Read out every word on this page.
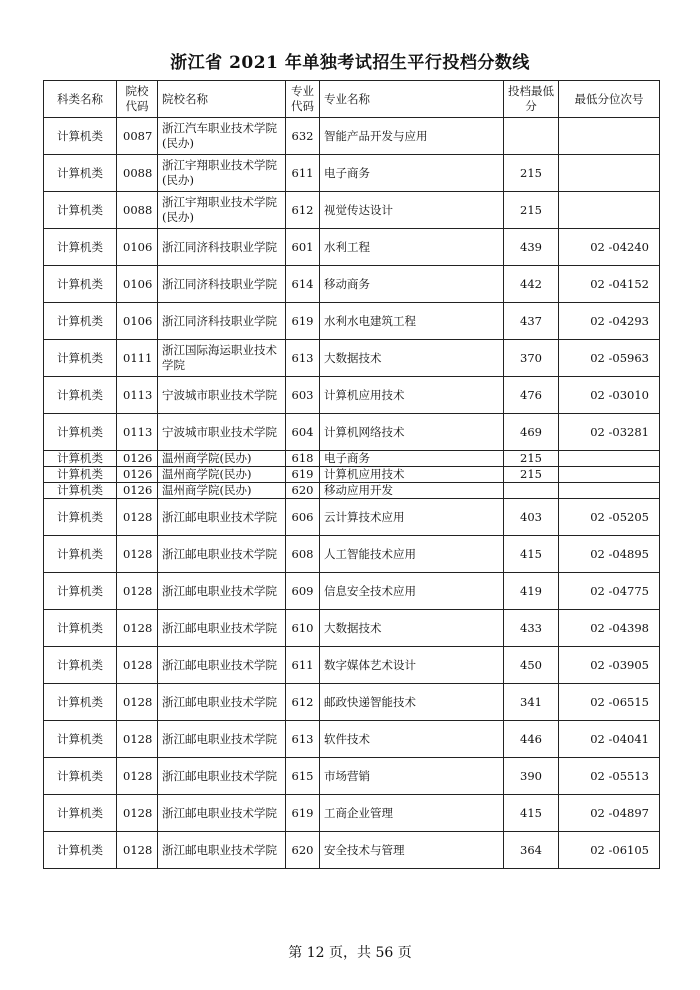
浙江省 2021 年单独考试招生平行投档分数线
科类名称	院校代码	院校名称	专业代码	专业名称	投档最低分	最低分位次号
计算机类	0087	浙江汽车职业技术学院(民办)	632	智能产品开发与应用		
计算机类	0088	浙江宇翔职业技术学院(民办)	611	电子商务	215	
计算机类	0088	浙江宇翔职业技术学院(民办)	612	视觉传达设计	215	
计算机类	0106	浙江同济科技职业学院	601	水利工程	439	02 -04240
计算机类	0106	浙江同济科技职业学院	614	移动商务	442	02 -04152
计算机类	0106	浙江同济科技职业学院	619	水利水电建筑工程	437	02 -04293
计算机类	0111	浙江国际海运职业技术学院	613	大数据技术	370	02 -05963
计算机类	0113	宁波城市职业技术学院	603	计算机应用技术	476	02 -03010
计算机类	0113	宁波城市职业技术学院	604	计算机网络技术	469	02 -03281
计算机类	0126	温州商学院(民办)	618	电子商务	215	
计算机类	0126	温州商学院(民办)	619	计算机应用技术	215	
计算机类	0126	温州商学院(民办)	620	移动应用开发		
计算机类	0128	浙江邮电职业技术学院	606	云计算技术应用	403	02 -05205
计算机类	0128	浙江邮电职业技术学院	608	人工智能技术应用	415	02 -04895
计算机类	0128	浙江邮电职业技术学院	609	信息安全技术应用	419	02 -04775
计算机类	0128	浙江邮电职业技术学院	610	大数据技术	433	02 -04398
计算机类	0128	浙江邮电职业技术学院	611	数字媒体艺术设计	450	02 -03905
计算机类	0128	浙江邮电职业技术学院	612	邮政快递智能技术	341	02 -06515
计算机类	0128	浙江邮电职业技术学院	613	软件技术	446	02 -04041
计算机类	0128	浙江邮电职业技术学院	615	市场营销	390	02 -05513
计算机类	0128	浙江邮电职业技术学院	619	工商企业管理	415	02 -04897
计算机类	0128	浙江邮电职业技术学院	620	安全技术与管理	364	02 -06105
第 12 页，共 56 页
